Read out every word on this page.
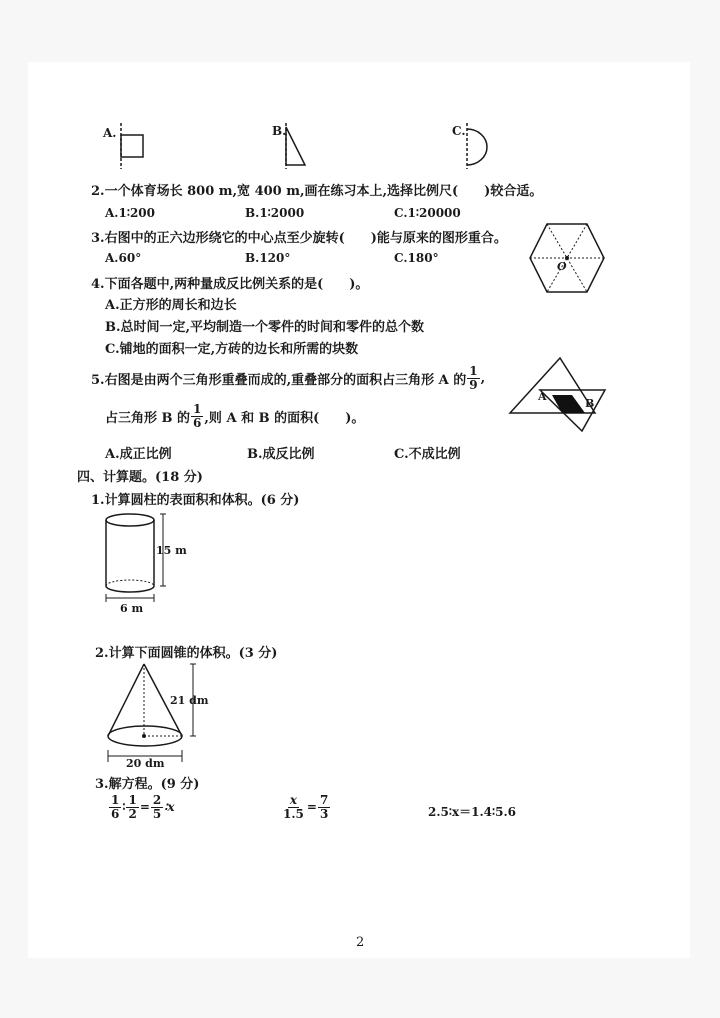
A.	B.	C.
2.一个体育场长 800 m,宽 400 m,画在练习本上,选择比例尺(　　)较合适。
A.1∶200	B.1∶2000	C.1∶20000
3.右图中的正六边形绕它的中心点至少旋转(　　)能与原来的图形重合。
A.60°	B.120°	C.180°
O
4.下面各题中,两种量成反比例关系的是(　　)。
A.正方形的周长和边长
B.总时间一定,平均制造一个零件的时间和零件的总个数
C.铺地的面积一定,方砖的边长和所需的块数
5.右图是由两个三角形重叠而成的,重叠部分的面积占三角形 A 的 $\frac{1}{9}$ ,
占三角形 B 的 $\frac{1}{6}$ ,则 A 和 B 的面积(　　)。
A.成正比例	B.成反比例	C.不成比例
A
B
四、计算题。(18 分)
1.计算圆柱的表面积和体积。(6 分)
15 m
6 m
2.计算下面圆锥的体积。(3 分)
21 dm
20 dm
3.解方程。(9 分)
$\frac{1}{6}$ ∶ $\frac{1}{2} = \frac{2}{5}$ ∶x	$\frac{x}{1.5} = \frac{7}{3}$	2.5∶x＝1.4∶5.6
2
